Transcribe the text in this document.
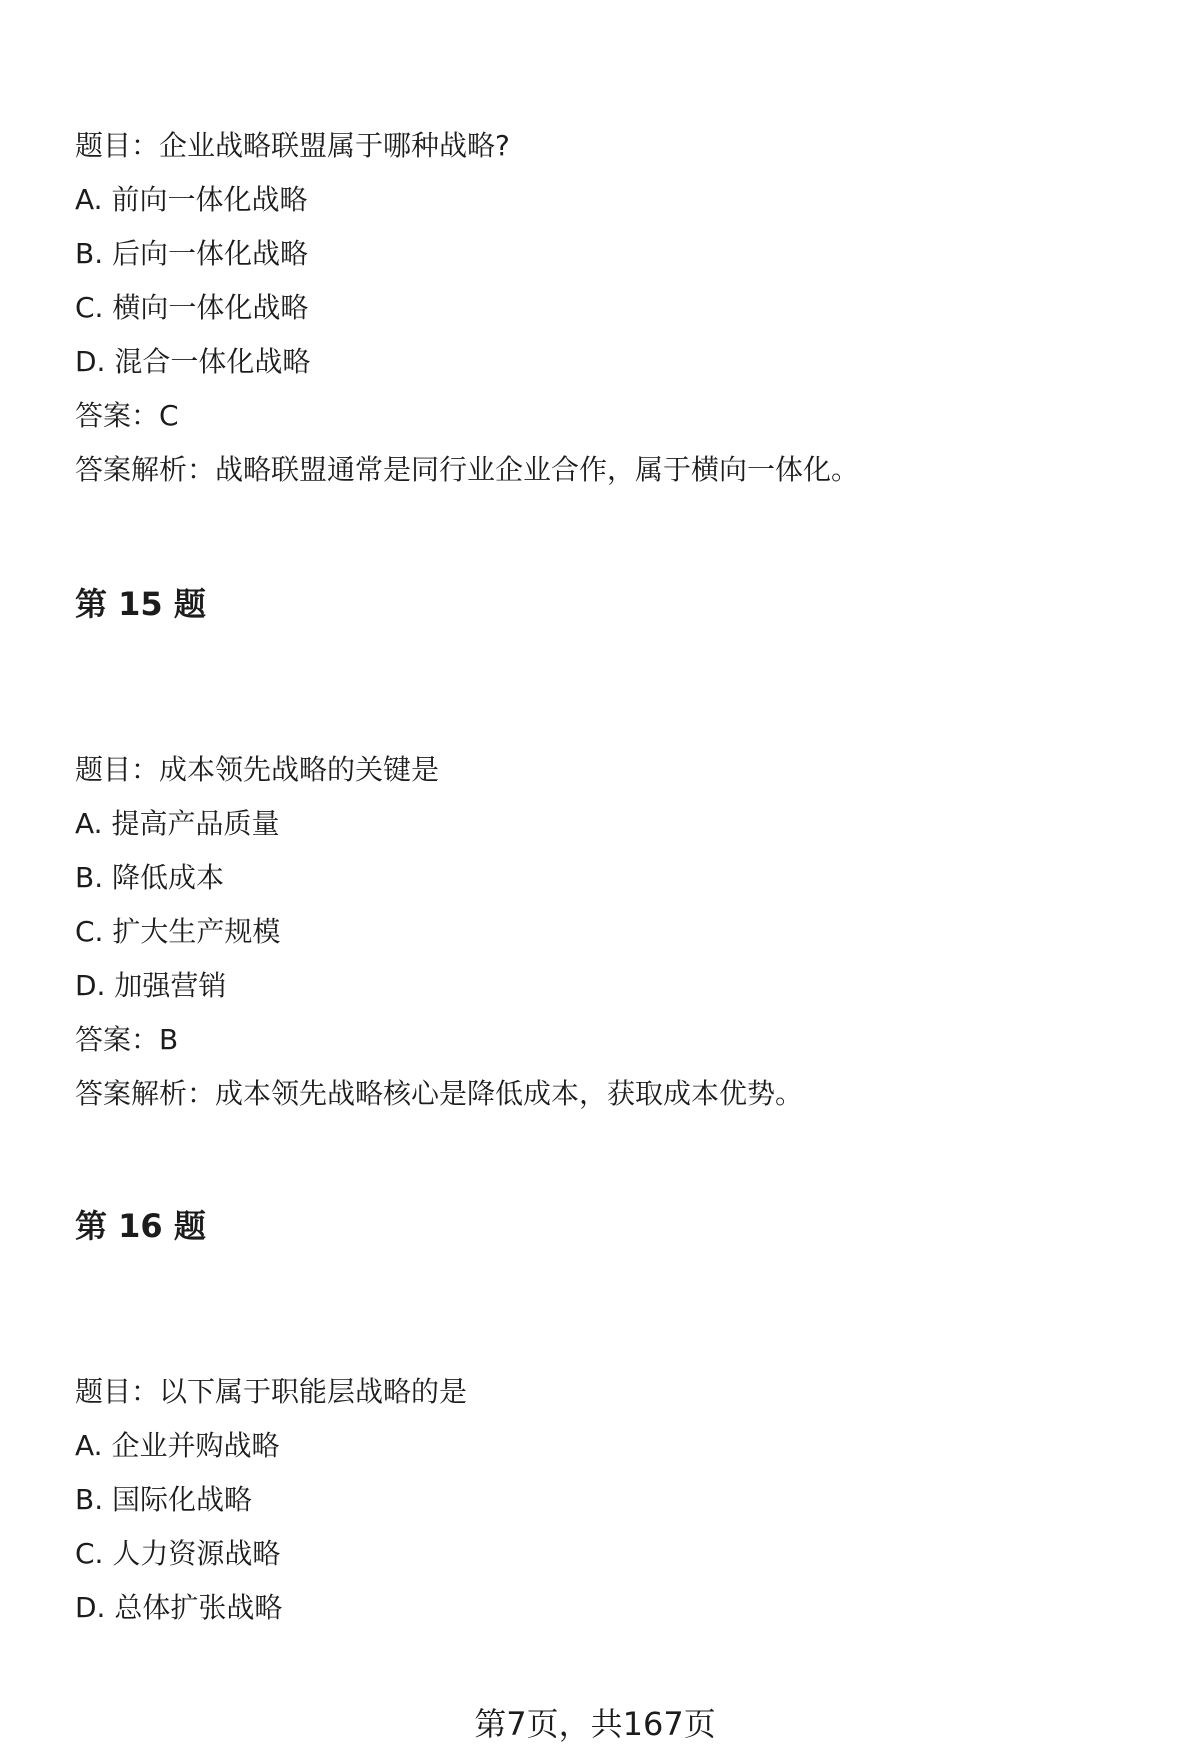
题目：企业战略联盟属于哪种战略?
A. 前向一体化战略
B. 后向一体化战略
C. 横向一体化战略
D. 混合一体化战略
答案：C
答案解析：战略联盟通常是同行业企业合作，属于横向一体化。
第 15 题
题目：成本领先战略的关键是
A. 提高产品质量
B. 降低成本
C. 扩大生产规模
D. 加强营销
答案：B
答案解析：成本领先战略核心是降低成本，获取成本优势。
第 16 题
题目：以下属于职能层战略的是
A. 企业并购战略
B. 国际化战略
C. 人力资源战略
D. 总体扩张战略
第7页，共167页
